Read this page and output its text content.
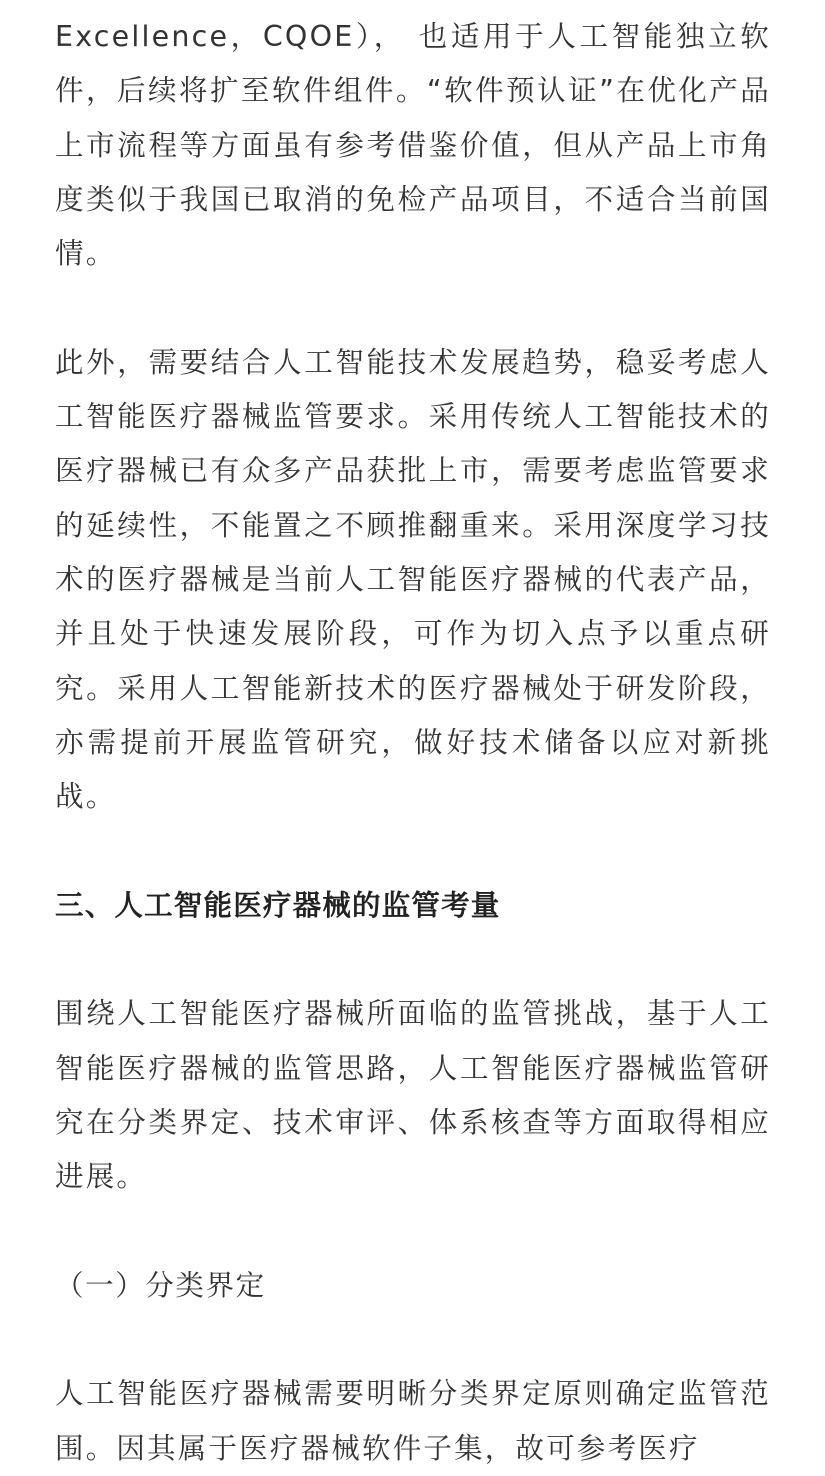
Excellence，CQOE）， 也适用于人工智能独立软件，后续将扩至软件组件。“软件预认证”在优化产品上市流程等方面虽有参考借鉴价值，但从产品上市角度类似于我国已取消的免检产品项目，不适合当前国情。

此外，需要结合人工智能技术发展趋势，稳妥考虑人工智能医疗器械监管要求。采用传统人工智能技术的医疗器械已有众多产品获批上市，需要考虑监管要求的延续性，不能置之不顾推翻重来。采用深度学习技术的医疗器械是当前人工智能医疗器械的代表产品，并且处于快速发展阶段，可作为切入点予以重点研究。采用人工智能新技术的医疗器械处于研发阶段，亦需提前开展监管研究，做好技术储备以应对新挑战。

三、人工智能医疗器械的监管考量

围绕人工智能医疗器械所面临的监管挑战，基于人工智能医疗器械的监管思路，人工智能医疗器械监管研究在分类界定、技术审评、体系核查等方面取得相应进展。

（一）分类界定

人工智能医疗器械需要明晰分类界定原则确定监管范围。因其属于医疗器械软件子集，故可参考医疗
